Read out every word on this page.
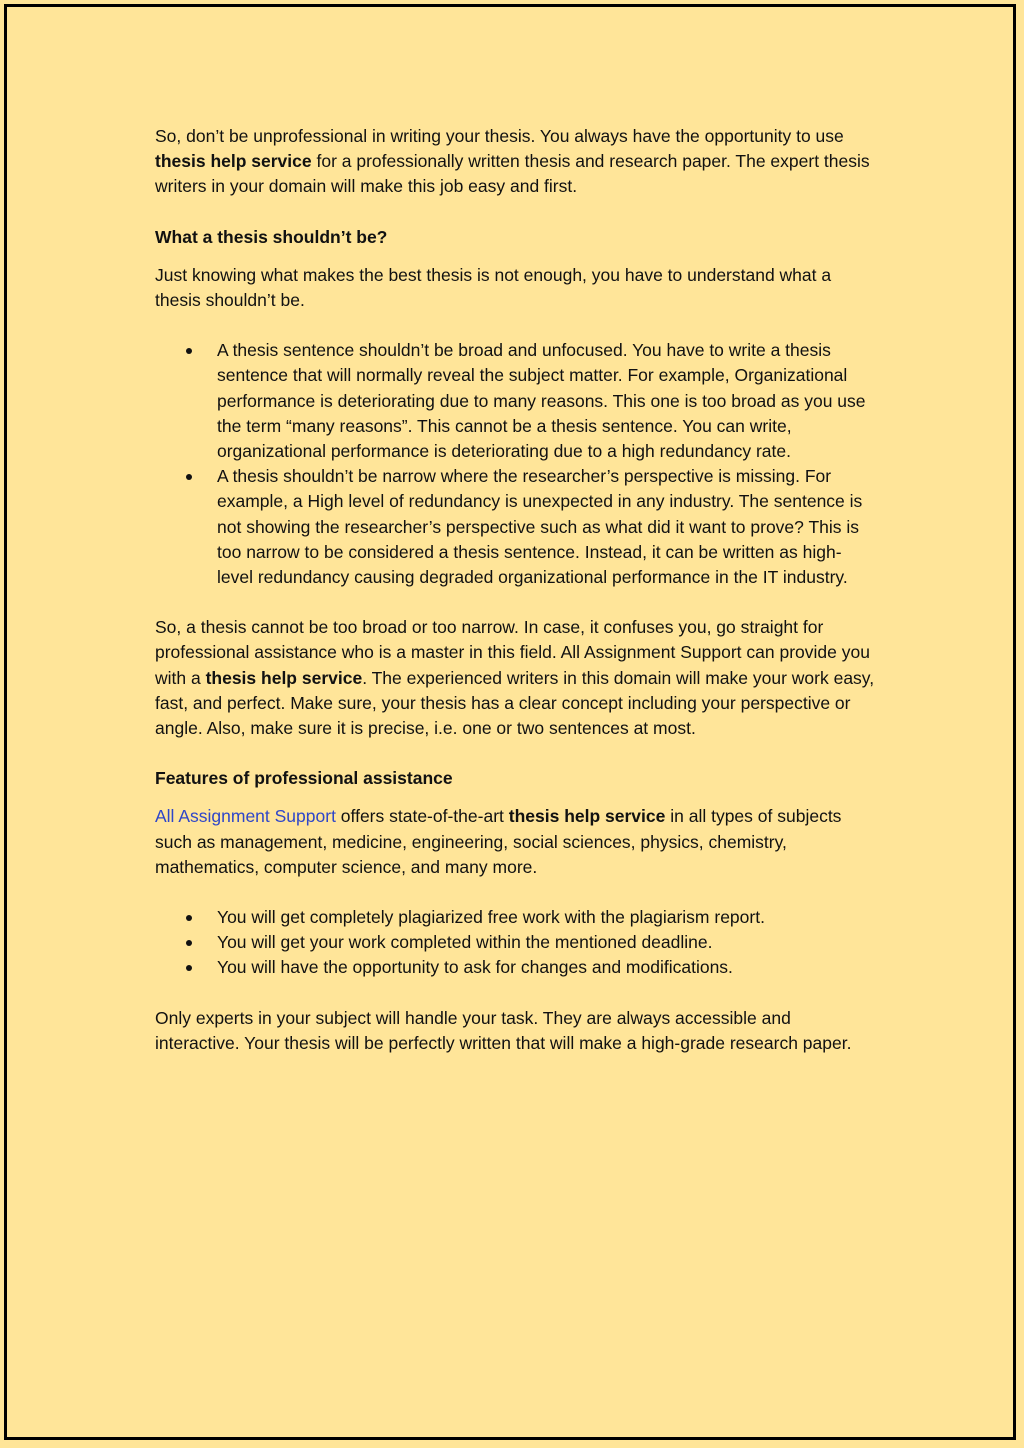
So, don’t be unprofessional in writing your thesis. You always have the opportunity to use thesis help service for a professionally written thesis and research paper. The expert thesis writers in your domain will make this job easy and first.

What a thesis shouldn’t be?

Just knowing what makes the best thesis is not enough, you have to understand what a thesis shouldn’t be.

A thesis sentence shouldn’t be broad and unfocused. You have to write a thesis sentence that will normally reveal the subject matter. For example, Organizational performance is deteriorating due to many reasons. This one is too broad as you use the term “many reasons”. This cannot be a thesis sentence. You can write, organizational performance is deteriorating due to a high redundancy rate.
A thesis shouldn’t be narrow where the researcher’s perspective is missing. For example, a High level of redundancy is unexpected in any industry. The sentence is not showing the researcher’s perspective such as what did it want to prove? This is too narrow to be considered a thesis sentence. Instead, it can be written as high-level redundancy causing degraded organizational performance in the IT industry.

So, a thesis cannot be too broad or too narrow. In case, it confuses you, go straight for professional assistance who is a master in this field. All Assignment Support can provide you with a thesis help service. The experienced writers in this domain will make your work easy, fast, and perfect. Make sure, your thesis has a clear concept including your perspective or angle. Also, make sure it is precise, i.e. one or two sentences at most.

Features of professional assistance

All Assignment Support offers state-of-the-art thesis help service in all types of subjects such as management, medicine, engineering, social sciences, physics, chemistry, mathematics, computer science, and many more.

You will get completely plagiarized free work with the plagiarism report.
You will get your work completed within the mentioned deadline.
You will have the opportunity to ask for changes and modifications.

Only experts in your subject will handle your task. They are always accessible and interactive. Your thesis will be perfectly written that will make a high-grade research paper.
